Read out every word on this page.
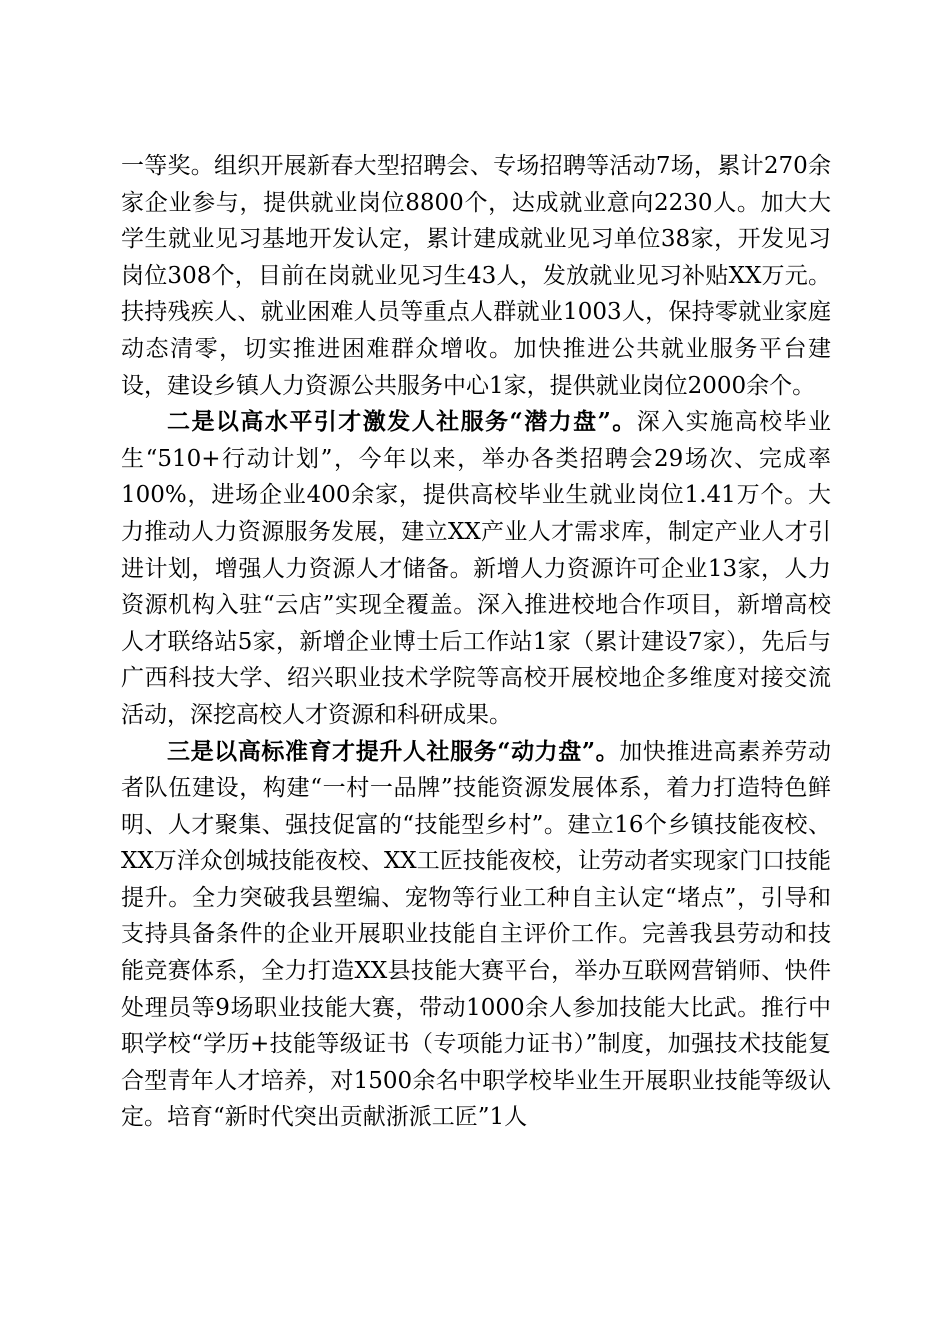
一等奖。组织开展新春大型招聘会、专场招聘等活动7场，累计270余家企业参与，提供就业岗位8800个，达成就业意向2230人。加大大学生就业见习基地开发认定，累计建成就业见习单位38家，开发见习岗位308个，目前在岗就业见习生43人，发放就业见习补贴XX万元。扶持残疾人、就业困难人员等重点人群就业1003人，保持零就业家庭动态清零，切实推进困难群众增收。加快推进公共就业服务平台建设，建设乡镇人力资源公共服务中心1家，提供就业岗位2000余个。

二是以高水平引才激发人社服务“潜力盘”。深入实施高校毕业生“510+行动计划”，今年以来，举办各类招聘会29场次、完成率100%，进场企业400余家，提供高校毕业生就业岗位1.41万个。大力推动人力资源服务发展，建立XX产业人才需求库，制定产业人才引进计划，增强人力资源人才储备。新增人力资源许可企业13家，人力资源机构入驻“云店”实现全覆盖。深入推进校地合作项目，新增高校人才联络站5家，新增企业博士后工作站1家（累计建设7家），先后与广西科技大学、绍兴职业技术学院等高校开展校地企多维度对接交流活动，深挖高校人才资源和科研成果。

三是以高标准育才提升人社服务“动力盘”。加快推进高素养劳动者队伍建设，构建“一村一品牌”技能资源发展体系，着力打造特色鲜明、人才聚集、强技促富的“技能型乡村”。建立16个乡镇技能夜校、XX万洋众创城技能夜校、XX工匠技能夜校，让劳动者实现家门口技能提升。全力突破我县塑编、宠物等行业工种自主认定“堵点”，引导和支持具备条件的企业开展职业技能自主评价工作。完善我县劳动和技能竞赛体系，全力打造XX县技能大赛平台，举办互联网营销师、快件处理员等9场职业技能大赛，带动1000余人参加技能大比武。推行中职学校“学历+技能等级证书（专项能力证书）”制度，加强技术技能复合型青年人才培养，对1500余名中职学校毕业生开展职业技能等级认定。培育“新时代突出贡献浙派工匠”1人
